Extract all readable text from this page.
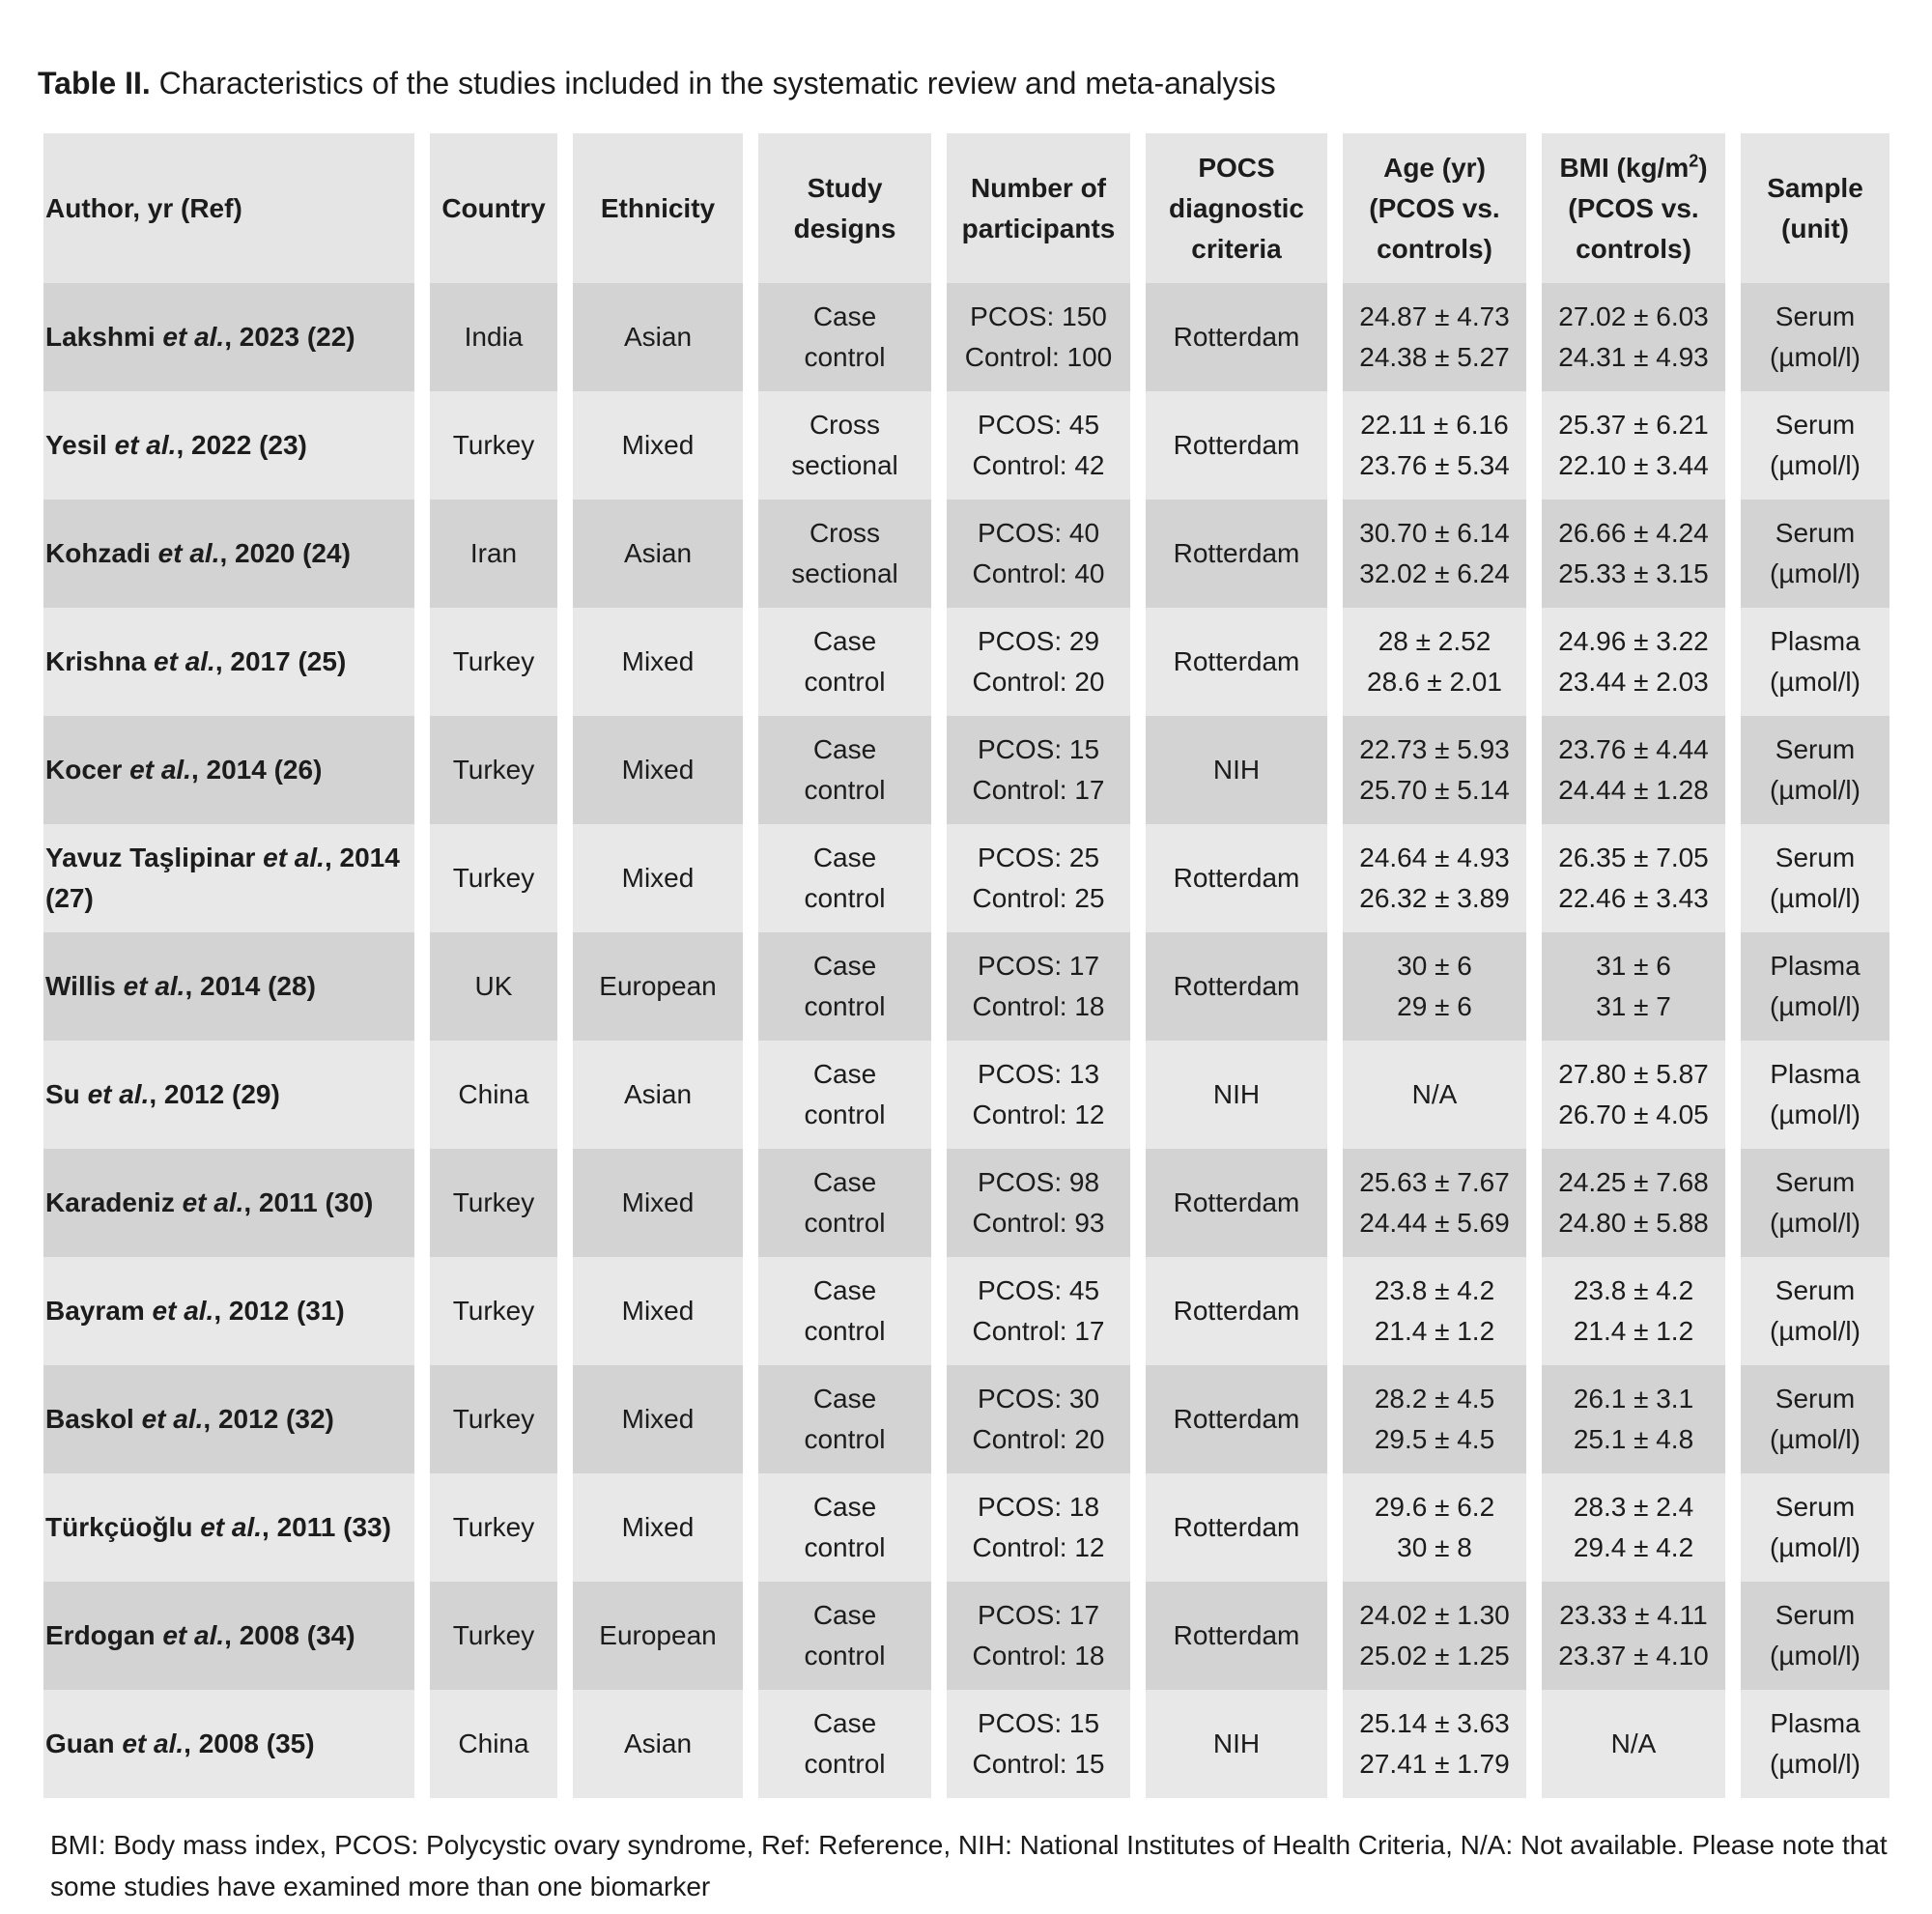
Table II. Characteristics of the studies included in the systematic review and meta-analysis
Author, yr (Ref)	Country	Ethnicity	Study
designs	Number of
participants	POCS
diagnostic
criteria	Age (yr)
(PCOS vs.
controls)	BMI $(kg/m^2)$
(PCOS vs.
controls)	Sample
(unit)

Lakshmi et al., 2023 (22)	India	Asian	Case
control	PCOS: 150
Control: 100	Rotterdam	24.87 ± 4.73
24.38 ± 5.27	27.02 ± 6.03
24.31 ± 4.93	Serum
(µmol/l)

Yesil et al., 2022 (23)	Turkey	Mixed	Cross
sectional	PCOS: 45
Control: 42	Rotterdam	22.11 ± 6.16
23.76 ± 5.34	25.37 ± 6.21
22.10 ± 3.44	Serum
(µmol/l)

Kohzadi et al., 2020 (24)	Iran	Asian	Cross
sectional	PCOS: 40
Control: 40	Rotterdam	30.70 ± 6.14
32.02 ± 6.24	26.66 ± 4.24
25.33 ± 3.15	Serum
(µmol/l)

Krishna et al., 2017 (25)	Turkey	Mixed	Case
control	PCOS: 29
Control: 20	Rotterdam	28 ± 2.52
28.6 ± 2.01	24.96 ± 3.22
23.44 ± 2.03	Plasma
(µmol/l)

Kocer et al., 2014 (26)	Turkey	Mixed	Case
control	PCOS: 15
Control: 17	NIH	22.73 ± 5.93
25.70 ± 5.14	23.76 ± 4.44
24.44 ± 1.28	Serum
(µmol/l)

Yavuz Taşlipinar et al., 2014 (27)	Turkey	Mixed	Case
control	PCOS: 25
Control: 25	Rotterdam	24.64 ± 4.93
26.32 ± 3.89	26.35 ± 7.05
22.46 ± 3.43	Serum
(µmol/l)

Willis et al., 2014 (28)	UK	European	Case
control	PCOS: 17
Control: 18	Rotterdam	30 ± 6
29 ± 6	31 ± 6
31 ± 7	Plasma
(µmol/l)

Su et al., 2012 (29)	China	Asian	Case
control	PCOS: 13
Control: 12	NIH	N/A	27.80 ± 5.87
26.70 ± 4.05	Plasma
(µmol/l)

Karadeniz et al., 2011 (30)	Turkey	Mixed	Case
control	PCOS: 98
Control: 93	Rotterdam	25.63 ± 7.67
24.44 ± 5.69	24.25 ± 7.68
24.80 ± 5.88	Serum
(µmol/l)

Bayram et al., 2012 (31)	Turkey	Mixed	Case
control	PCOS: 45
Control: 17	Rotterdam	23.8 ± 4.2
21.4 ± 1.2	23.8 ± 4.2
21.4 ± 1.2	Serum
(µmol/l)

Baskol et al., 2012 (32)	Turkey	Mixed	Case
control	PCOS: 30
Control: 20	Rotterdam	28.2 ± 4.5
29.5 ± 4.5	26.1 ± 3.1
25.1 ± 4.8	Serum
(µmol/l)

Türkçüoğlu et al., 2011 (33)	Turkey	Mixed	Case
control	PCOS: 18
Control: 12	Rotterdam	29.6 ± 6.2
30 ± 8	28.3 ± 2.4
29.4 ± 4.2	Serum
(µmol/l)

Erdogan et al., 2008 (34)	Turkey	European	Case
control	PCOS: 17
Control: 18	Rotterdam	24.02 ± 1.30
25.02 ± 1.25	23.33 ± 4.11
23.37 ± 4.10	Serum
(µmol/l)

Guan et al., 2008 (35)	China	Asian	Case
control	PCOS: 15
Control: 15	NIH	25.14 ± 3.63
27.41 ± 1.79	N/A	Plasma
(µmol/l)
BMI: Body mass index, PCOS: Polycystic ovary syndrome, Ref: Reference, NIH: National Institutes of Health Criteria, N/A: Not available. Please note that some studies have examined more than one biomarker
